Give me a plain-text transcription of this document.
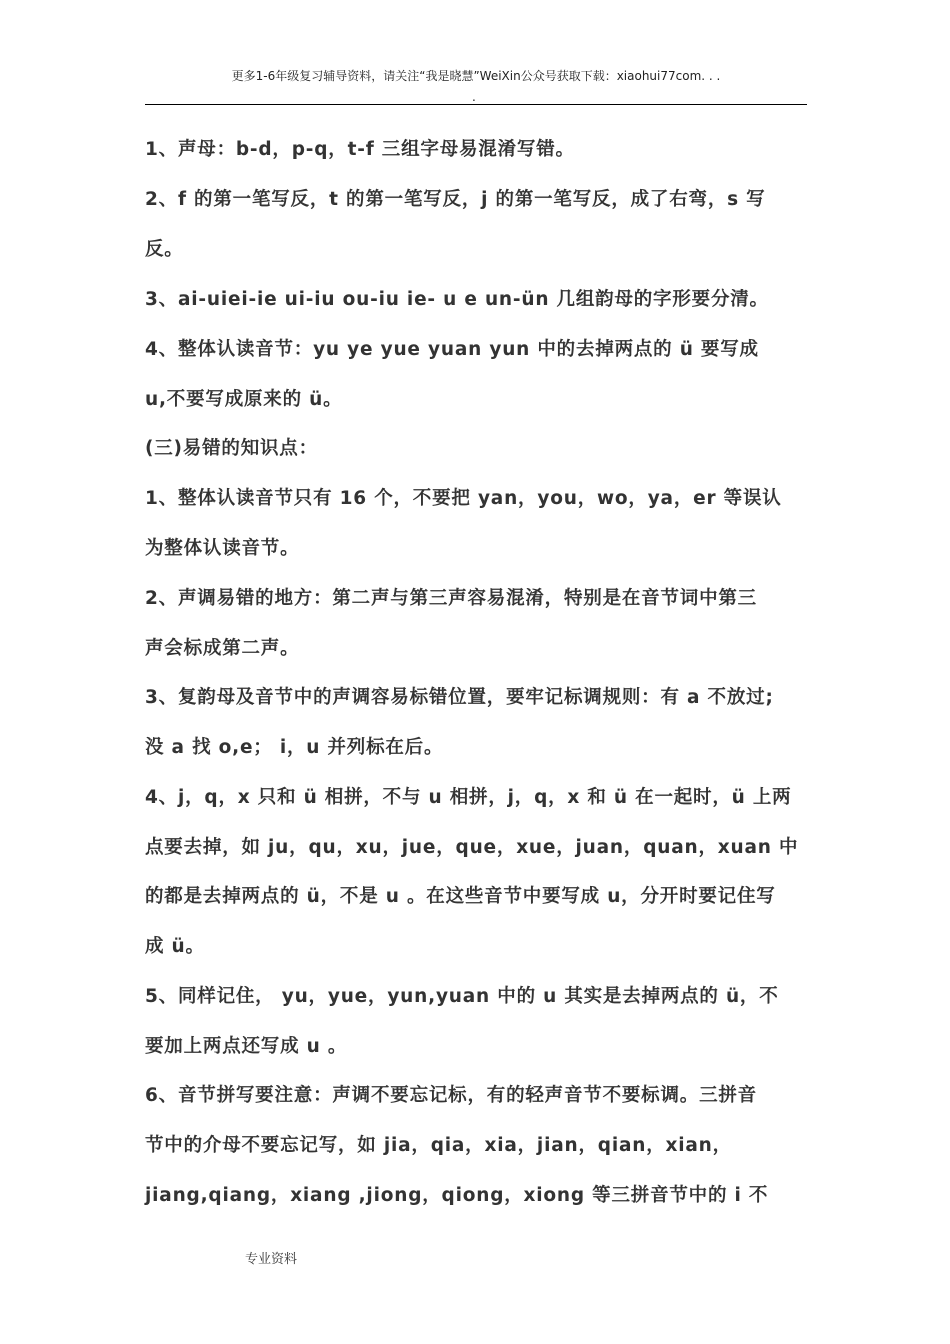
更多1-6年级复习辅导资料，请关注“我是晓慧”WeiXin公众号获取下载：xiaohui77com. . .
.
1、声母：b-d，p-q，t-f 三组字母易混淆写错。
2、f 的第一笔写反，t 的第一笔写反，j 的第一笔写反，成了右弯，s 写
反。
3、ai-uiei-ie ui-iu ou-iu ie- u e un-ün 几组韵母的字形要分清。
4、整体认读音节：yu ye yue yuan yun 中的去掉两点的 ü 要写成
u,不要写成原来的 ü。
(三)易错的知识点：
1、整体认读音节只有 16 个，不要把 yan，you，wo，ya，er 等误认
为整体认读音节。
2、声调易错的地方：第二声与第三声容易混淆，特别是在音节词中第三
声会标成第二声。
3、复韵母及音节中的声调容易标错位置，要牢记标调规则：有 a 不放过;
没 a 找 o,e； i，u 并列标在后。
4、j，q，x 只和 ü 相拼，不与 u 相拼，j，q，x 和 ü 在一起时，ü 上两
点要去掉，如 ju，qu，xu，jue，que，xue，juan，quan，xuan 中
的都是去掉两点的 ü，不是 u 。在这些音节中要写成 u，分开时要记住写
成 ü。
5、同样记住， yu，yue，yun,yuan 中的 u 其实是去掉两点的 ü，不
要加上两点还写成 u 。
6、音节拼写要注意：声调不要忘记标，有的轻声音节不要标调。三拼音
节中的介母不要忘记写，如 jia，qia，xia，jian，qian，xian，
jiang,qiang，xiang ,jiong，qiong，xiong 等三拼音节中的 i 不
专业资料
